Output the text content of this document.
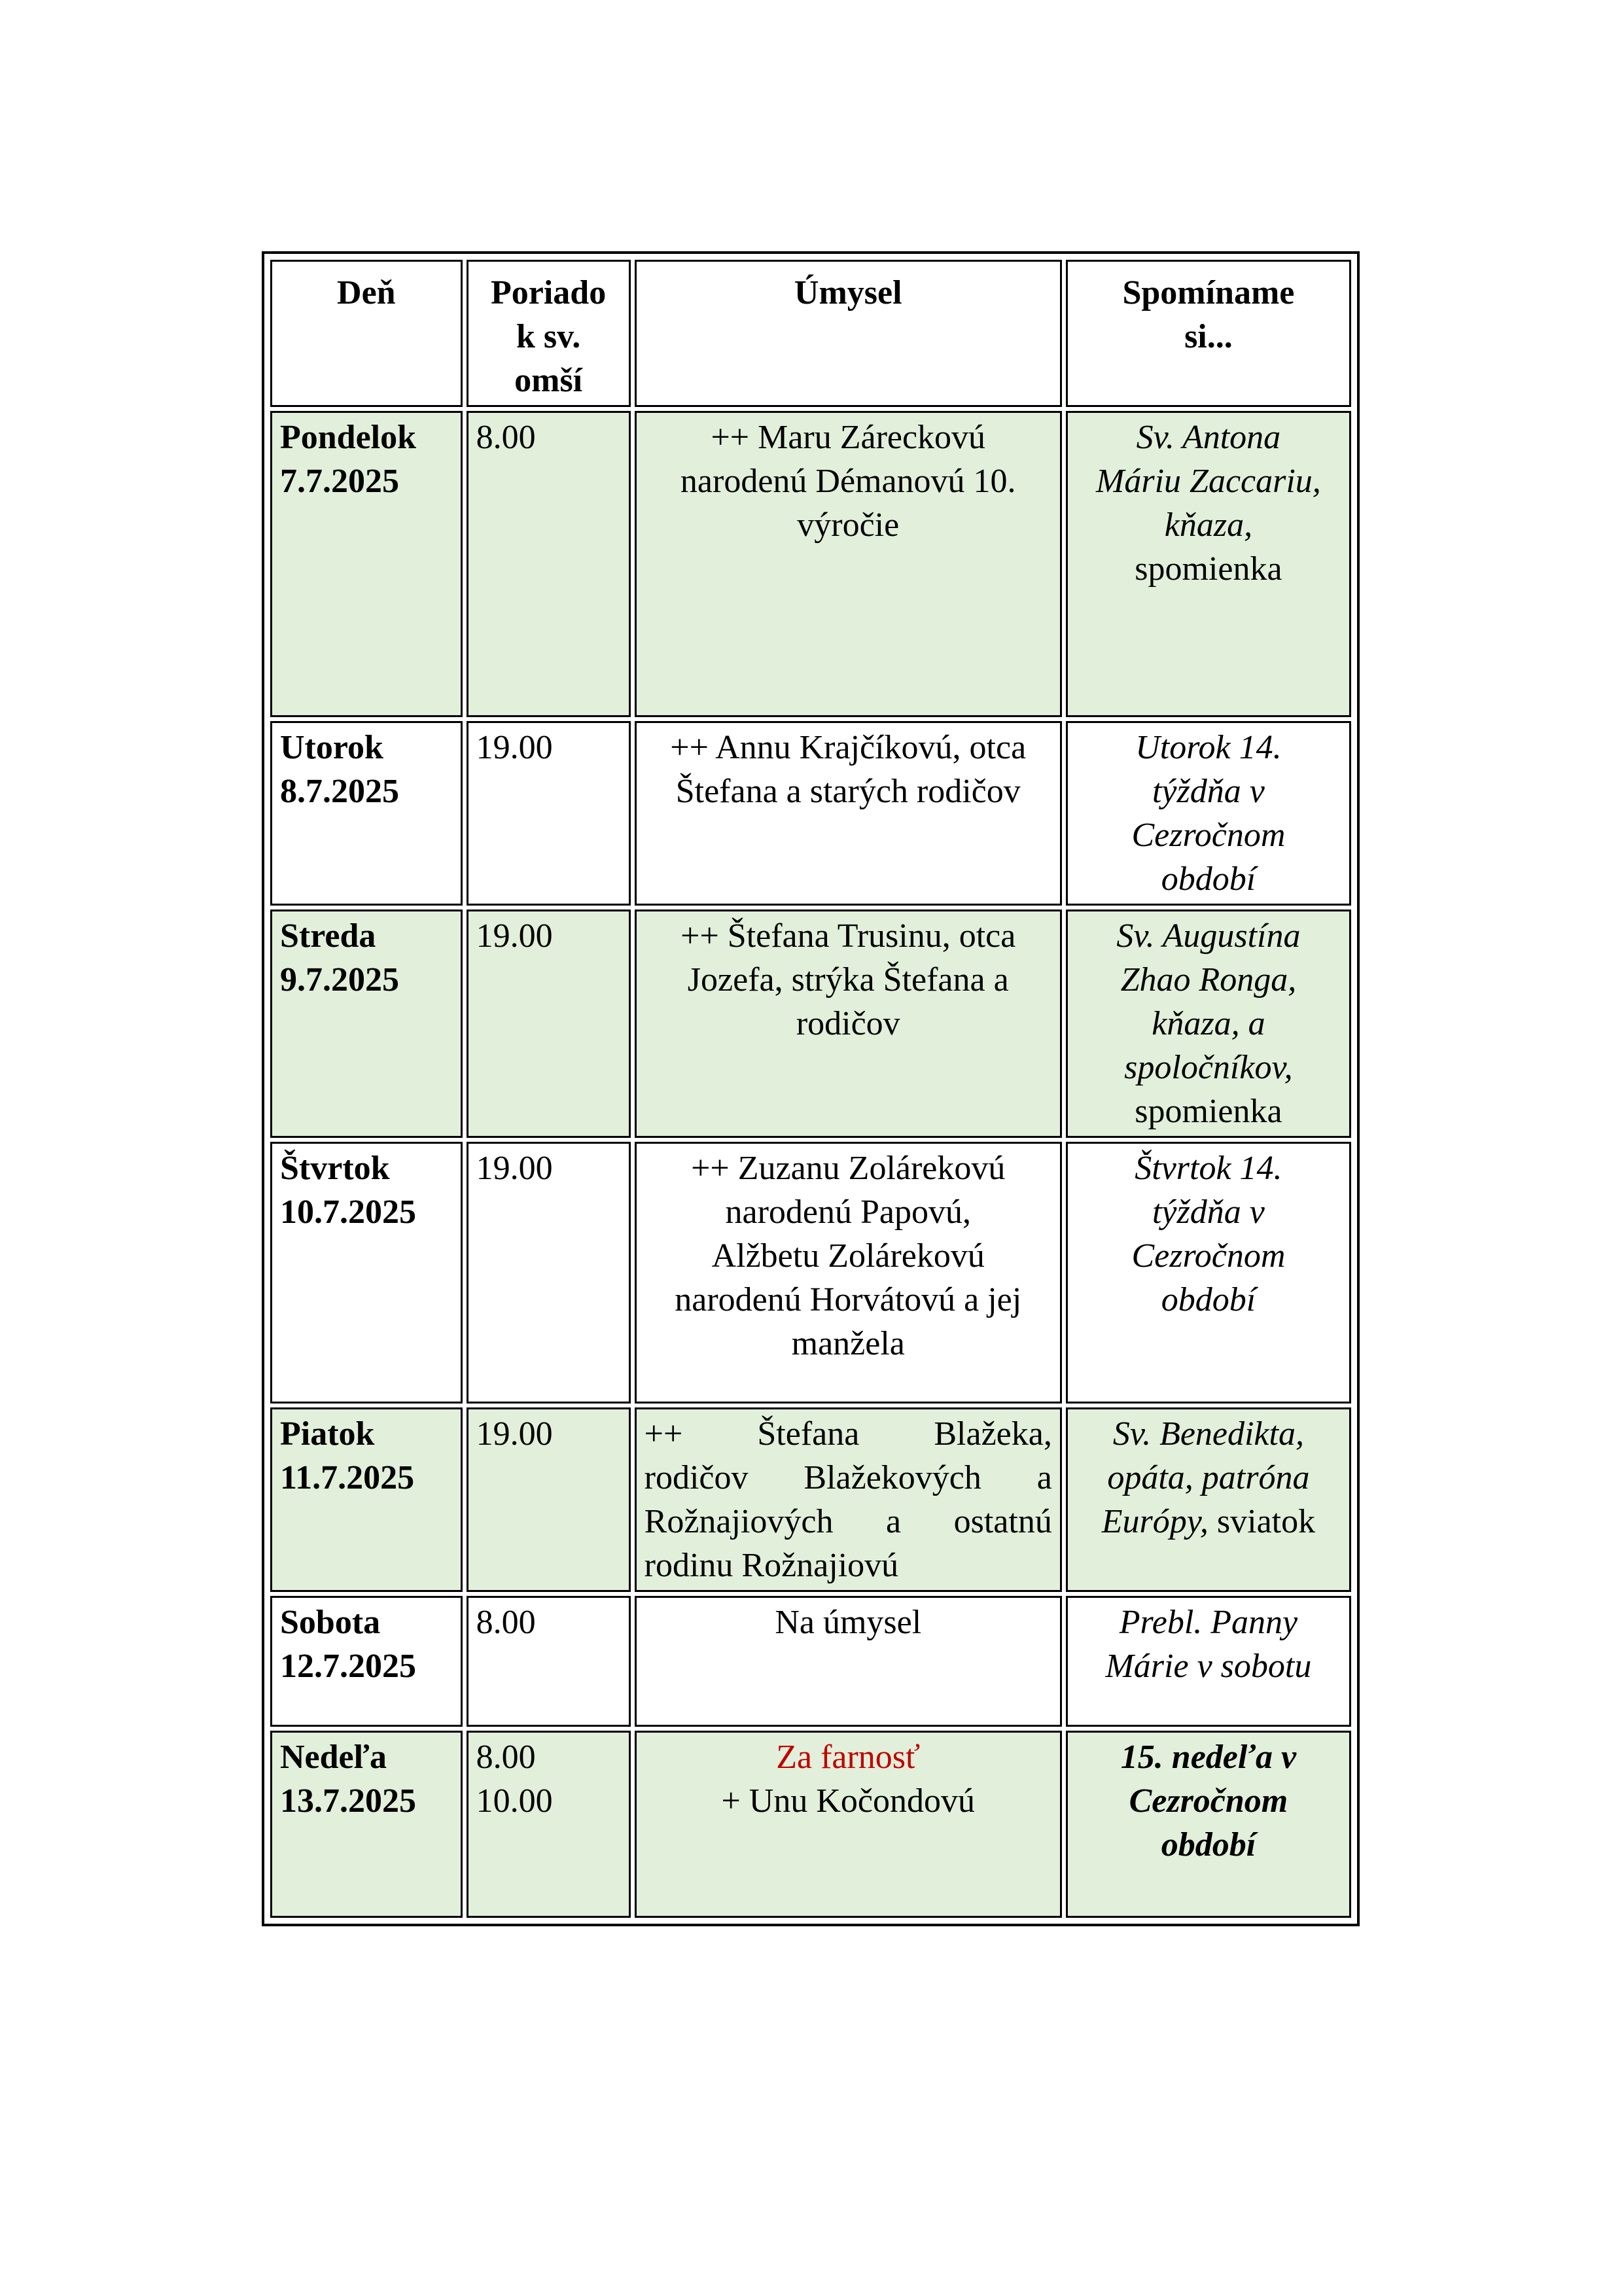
Deň	Poriado
k sv.
omší	Úmysel	Spomíname
si...

Pondelok
7.7.2025	8.00	++ Maru Záreckovú
narodenú Démanovú 10.
výročie	Sv. Antona
Máriu Zaccariu,
kňaza,
spomienka

Utorok
8.7.2025	19.00	++ Annu Krajčíkovú, otca
Štefana a starých rodičov	Utorok 14.
týždňa v
Cezročnom
období

Streda
9.7.2025	19.00	++ Štefana Trusinu, otca
Jozefa, strýka Štefana a
rodičov	Sv. Augustína
Zhao Ronga,
kňaza, a
spoločníkov,
spomienka

Štvrtok
10.7.2025	19.00	++ Zuzanu Zolárekovú
narodenú Papovú,
Alžbetu Zolárekovú
narodenú Horvátovú a jej
manžela	Štvrtok 14.
týždňa v
Cezročnom
období

Piatok
11.7.2025	19.00	++ Štefana Blažeka,
rodičov Blažekových a
Rožnajiových a ostatnú
rodinu Rožnajiovú	Sv. Benedikta,
opáta, patróna
Európy, sviatok

Sobota
12.7.2025	8.00	Na úmysel	Prebl. Panny
Márie v sobotu

Nedeľa
13.7.2025	8.00
10.00	Za farnosť
+ Unu Kočondovú	15. nedeľa v
Cezročnom
období
